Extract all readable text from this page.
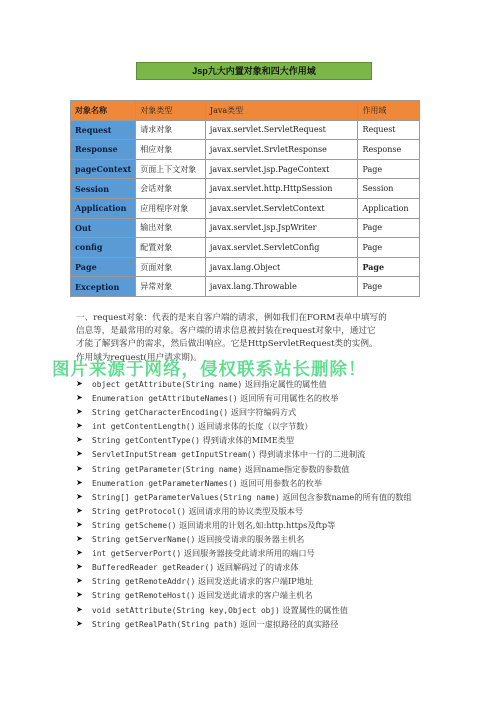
Jsp九大内置对象和四大作用域
对象名称	对象类型	Java类型	作用域
Request	请求对象	javax.servlet.ServletRequest	Request
Response	相应对象	javax.servlet.SrvletResponse	Response
pageContext	页面上下文对象	javax.servlet.jsp.PageContext	Page
Session	会话对象	javax.servlet.http.HttpSession	Session
Application	应用程序对象	javax.servlet.ServletContext	Application
Out	输出对象	javax.servlet.jsp.JspWriter	Page
config	配置对象	javax.servlet.ServletConfig	Page
Page	页面对象	javax.lang.Object	Page
Exception	异常对象	javax.lang.Throwable	Page

一、request对象：代表的是来自客户端的请求，例如我们在FORM表单中填写的

信息等，是最常用的对象。客户端的请求信息被封装在request对象中，通过它

才能了解到客户的需求，然后做出响应。它是HttpServletRequest类的实例。

作用域为request(用户请求期)。

图片来源于网络，侵权联系站长删除！
➤ object getAttribute(String name) 返回指定属性的属性值
➤ Enumeration getAttributeNames() 返回所有可用属性名的枚举
➤ String getCharacterEncoding() 返回字符编码方式
➤ int getContentLength() 返回请求体的长度（以字节数）
➤ String getContentType() 得到请求体的MIME类型
➤ ServletInputStream getInputStream() 得到请求体中一行的二进制流
➤ String getParameter(String name) 返回name指定参数的参数值
➤ Enumeration getParameterNames() 返回可用参数名的枚举
➤ String[] getParameterValues(String name) 返回包含参数name的所有值的数组
➤ String getProtocol() 返回请求用的协议类型及版本号
➤ String getScheme() 返回请求用的计划名,如:http.https及ftp等
➤ String getServerName() 返回接受请求的服务器主机名
➤ int getServerPort() 返回服务器接受此请求所用的端口号
➤ BufferedReader getReader() 返回解码过了的请求体
➤ String getRemoteAddr() 返回发送此请求的客户端IP地址
➤ String getRemoteHost() 返回发送此请求的客户端主机名
➤ void setAttribute(String key,Object obj) 设置属性的属性值
➤ String getRealPath(String path) 返回一虚拟路径的真实路径
